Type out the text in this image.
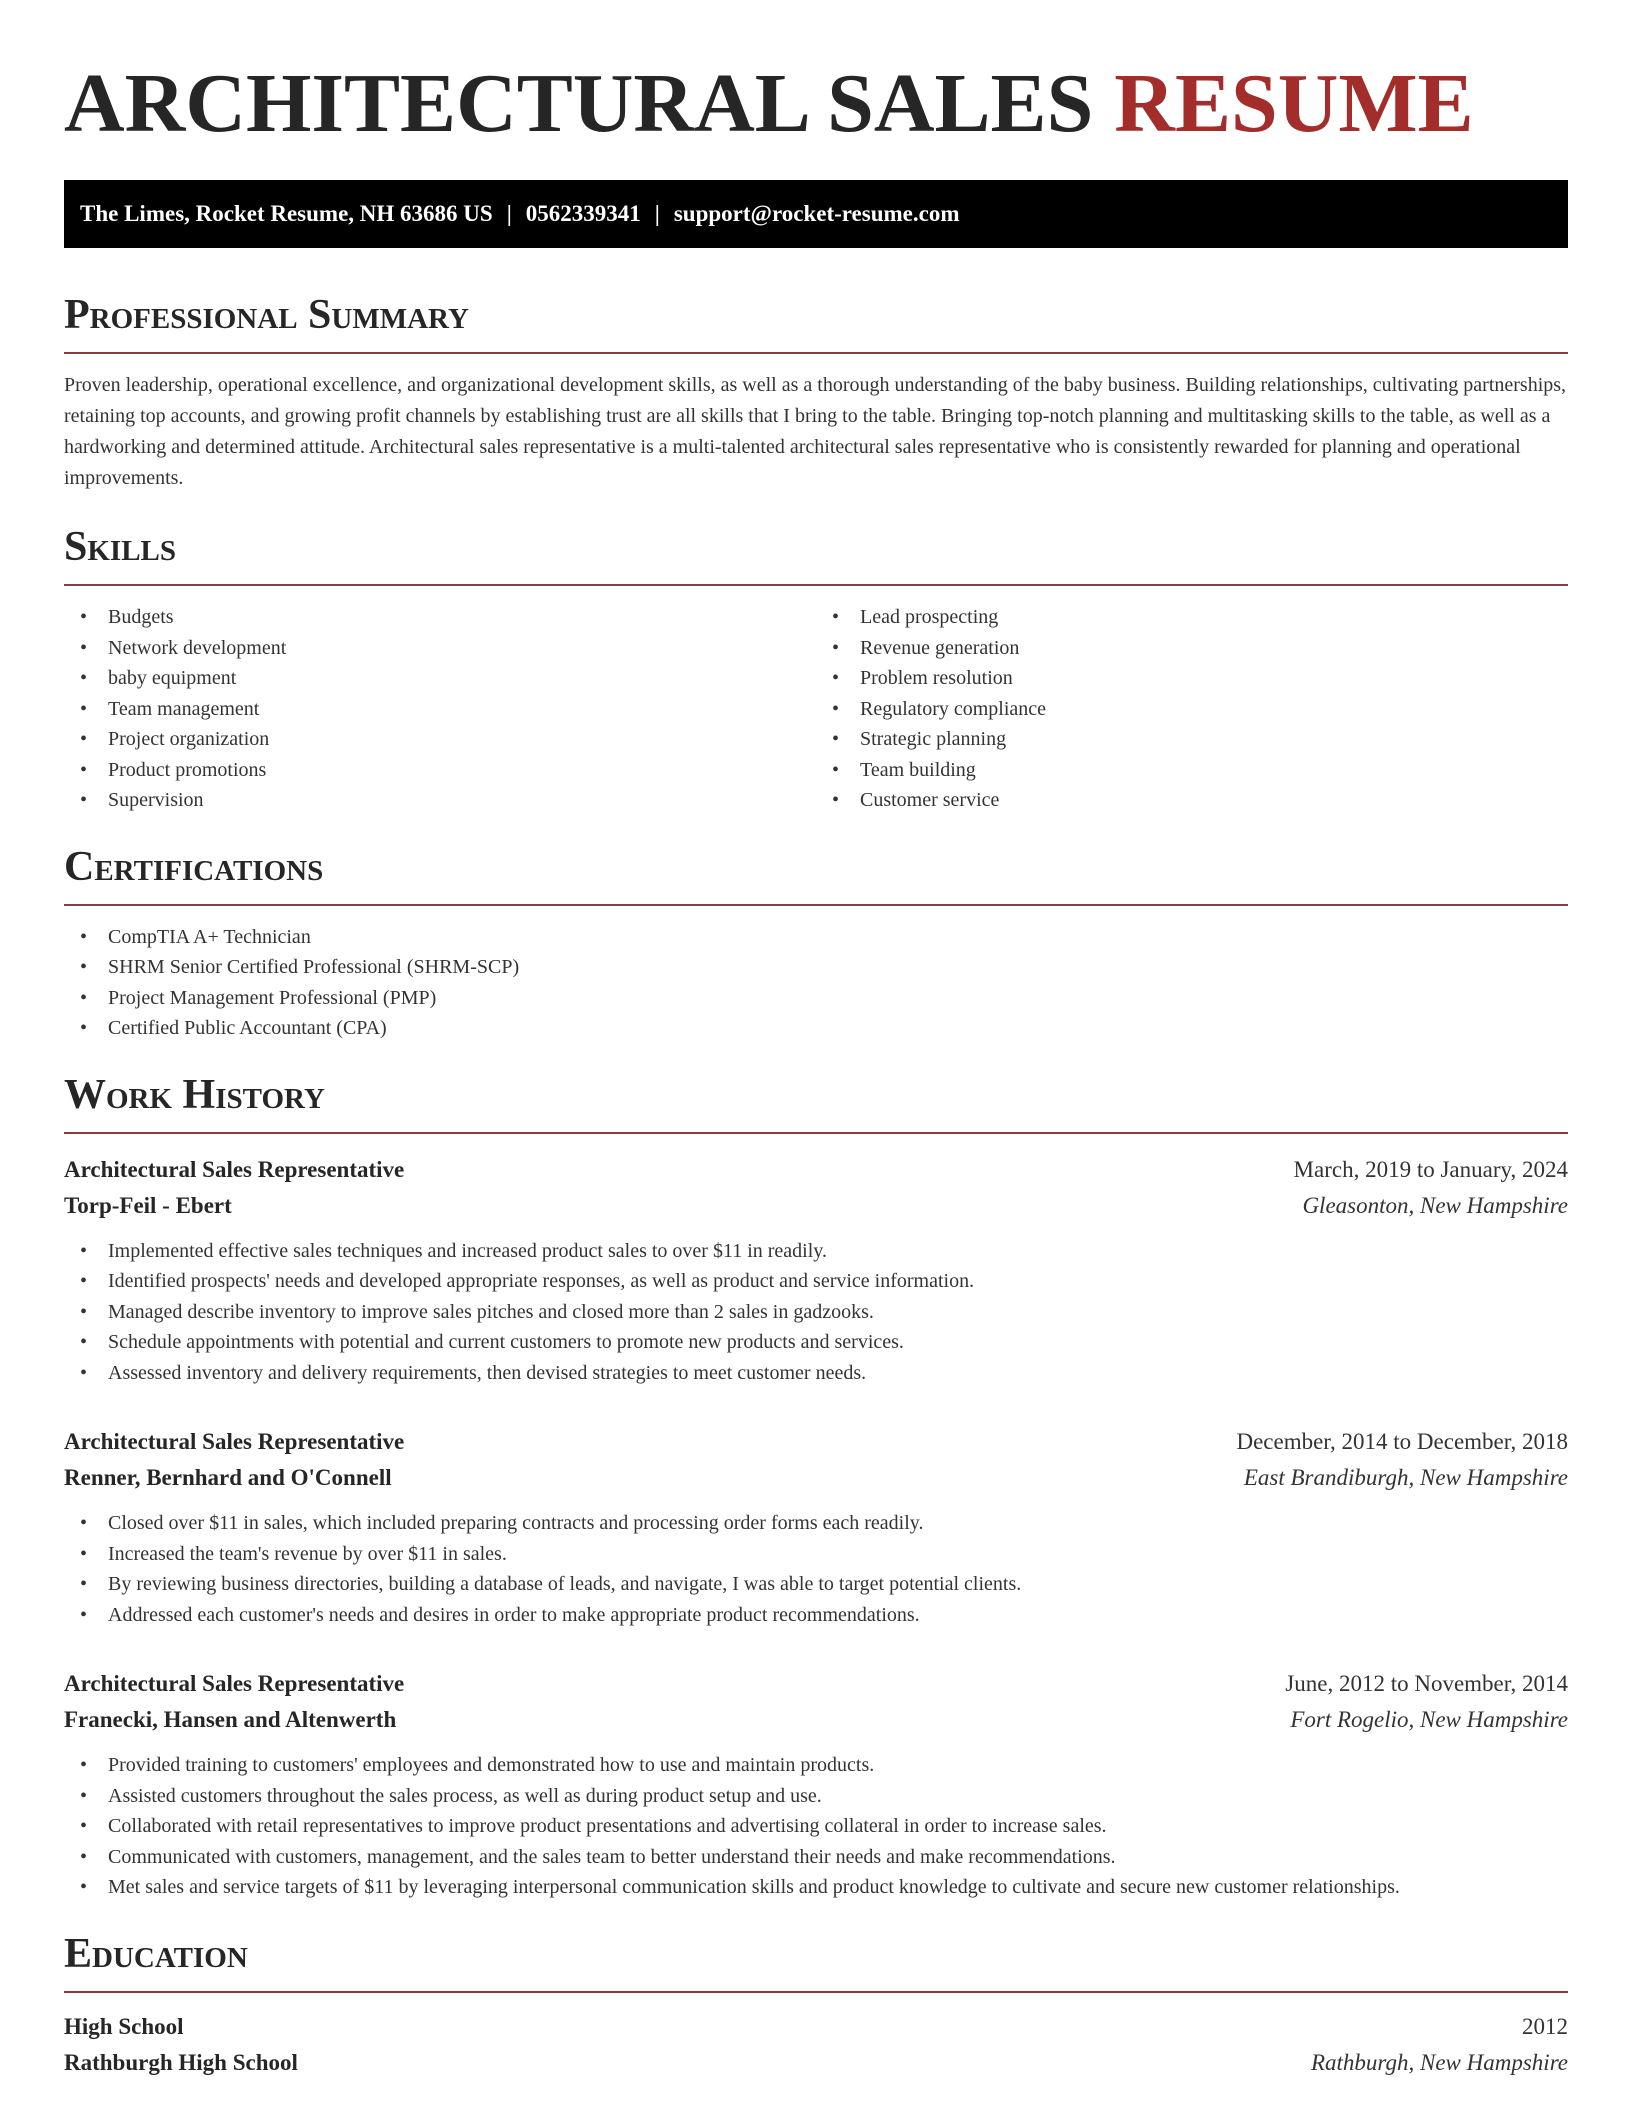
ARCHITECTURAL SALES RESUME
The Limes, Rocket Resume, NH 63686 US | 0562339341 | support@rocket-resume.com
Professional Summary

Proven leadership, operational excellence, and organizational development skills, as well as a thorough understanding of the baby business. Building relationships, cultivating partnerships, retaining top accounts, and growing profit channels by establishing trust are all skills that I bring to the table. Bringing top-notch planning and multitasking skills to the table, as well as a hardworking and determined attitude. Architectural sales representative is a multi-talented architectural sales representative who is consistently rewarded for planning and operational improvements.

Skills
• Budgets
• Network development
• baby equipment
• Team management
• Project organization
• Product promotions
• Supervision
• Lead prospecting
• Revenue generation
• Problem resolution
• Regulatory compliance
• Strategic planning
• Team building
• Customer service
Certifications
• CompTIA A+ Technician
• SHRM Senior Certified Professional (SHRM-SCP)
• Project Management Professional (PMP)
• Certified Public Accountant (CPA)
Work History
Architectural Sales Representative	March, 2019 to January, 2024
Torp-Feil - Ebert	Gleasonton, New Hampshire
• Implemented effective sales techniques and increased product sales to over $11 in readily.
• Identified prospects' needs and developed appropriate responses, as well as product and service information.
• Managed describe inventory to improve sales pitches and closed more than 2 sales in gadzooks.
• Schedule appointments with potential and current customers to promote new products and services.
• Assessed inventory and delivery requirements, then devised strategies to meet customer needs.
Architectural Sales Representative	December, 2014 to December, 2018
Renner, Bernhard and O'Connell	East Brandiburgh, New Hampshire
• Closed over $11 in sales, which included preparing contracts and processing order forms each readily.
• Increased the team's revenue by over $11 in sales.
• By reviewing business directories, building a database of leads, and navigate, I was able to target potential clients.
• Addressed each customer's needs and desires in order to make appropriate product recommendations.
Architectural Sales Representative	June, 2012 to November, 2014
Franecki, Hansen and Altenwerth	Fort Rogelio, New Hampshire
• Provided training to customers' employees and demonstrated how to use and maintain products.
• Assisted customers throughout the sales process, as well as during product setup and use.
• Collaborated with retail representatives to improve product presentations and advertising collateral in order to increase sales.
• Communicated with customers, management, and the sales team to better understand their needs and make recommendations.
• Met sales and service targets of $11 by leveraging interpersonal communication skills and product knowledge to cultivate and secure new customer relationships.
Education
High School	2012
Rathburgh High School	Rathburgh, New Hampshire
